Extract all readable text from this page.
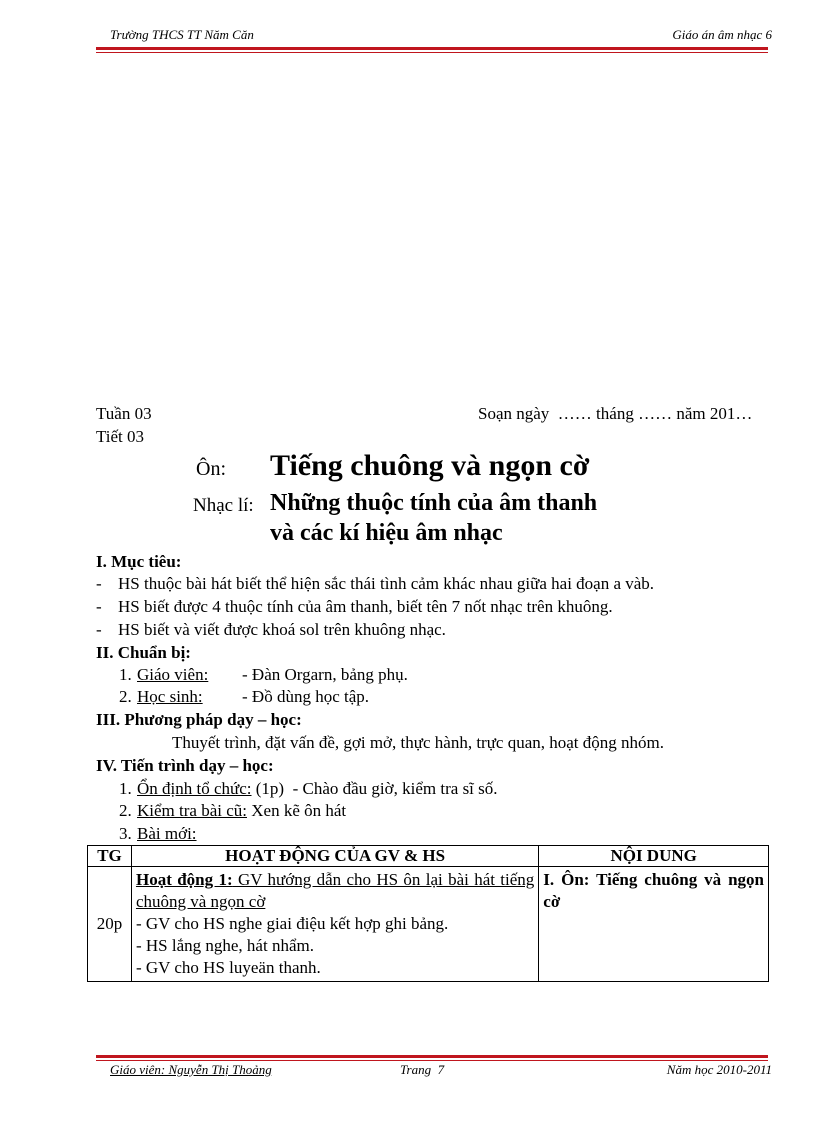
Trường THCS TT Năm Căn	Giáo án âm nhạc 6
Tuần 03
Tiết 03
Soạn ngày  …… tháng …… năm 201…
Ôn: Tiếng chuông và ngọn cờ
Nhạc lí: Những thuộc tính của âm thanh
và các kí hiệu âm nhạc
I. Mục tiêu:
- HS thuộc bài hát biết thể hiện sắc thái tình cảm khác nhau giữa hai đoạn a vàb.
- HS biết được 4 thuộc tính của âm thanh, biết tên 7 nốt nhạc trên khuông.
- HS biết và viết được khoá sol trên khuông nhạc.
II. Chuẩn bị:
1. Giáo viên: - Đàn Orgarn, bảng phụ.
2. Học sinh: - Đồ dùng học tập.
III. Phương pháp dạy – học:
Thuyết trình, đặt vấn đề, gợi mở, thực hành, trực quan, hoạt động nhóm.
IV. Tiến trình dạy – học:
1. Ổn định tổ chức: (1p)  - Chào đầu giờ, kiểm tra sĩ số.
2. Kiểm tra bài cũ: Xen kẽ ôn hát
3. Bài mới:
TG	HOẠT ĐỘNG CỦA GV & HS	NỘI DUNG
20p	Hoạt động 1: GV hướng dẫn cho HS ôn lại bài hát tiếng chuông và ngọn cờ
- GV cho HS nghe giai điệu kết hợp ghi bảng.
- HS lắng nghe, hát nhẩm.
- GV cho HS luyeän thanh.	I. Ôn: Tiếng chuông và ngọn cờ
Giáo viên: Nguyễn Thị Thoảng	Trang  7	Năm học 2010-2011
